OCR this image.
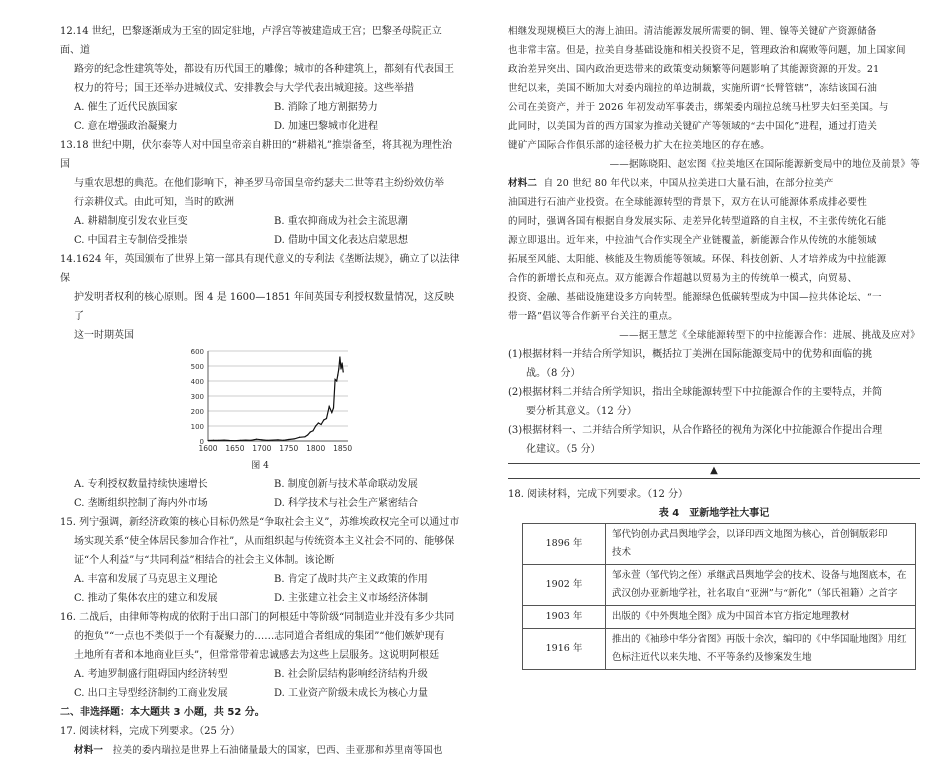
12.14 世纪，巴黎逐渐成为王室的固定驻地，卢浮宫等被建造成王宫；巴黎圣母院正立面、道

路旁的纪念性建筑等处，都设有历代国王的雕像；城市的各种建筑上，都刻有代表国王

权力的符号；国王还举办进城仪式、安排教会与大学代表出城迎接。这些举措

A. 催生了近代民族国家	B. 消除了地方割据势力
C. 意在增强政治凝聚力	D. 加速巴黎城市化进程

13.18 世纪中期，伏尔泰等人对中国皇帝亲自耕田的“耕耤礼”推崇备至，将其视为理性治国

与重农思想的典范。在他们影响下，神圣罗马帝国皇帝约瑟夫二世等君主纷纷效仿举

行亲耕仪式。由此可知，当时的欧洲

A. 耕耤制度引发农业巨变	B. 重农抑商成为社会主流思潮
C. 中国君主专制倍受推崇	D. 借助中国文化表达启蒙思想

14.1624 年，英国颁布了世界上第一部具有现代意义的专利法《垄断法规》，确立了以法律保

护发明者权利的核心原则。图 4 是 1600—1851 年间英国专利授权数量情况，这反映了

这一时期英国

0
100
200
300
400
500
600
1600 1650 1700 1750 1800 1850

图 4

A. 专利授权数量持续快速增长	B. 制度创新与技术革命联动发展
C. 垄断组织控制了海内外市场	D. 科学技术与社会生产紧密结合

15. 列宁强调，新经济政策的核心目标仍然是“争取社会主义”，苏维埃政权完全可以通过市

场实现关系“使全体居民参加合作社”，从而组织起与传统资本主义社会不同的、能够保

证“个人利益”与“共同利益”相结合的社会主义体制。该论断

A. 丰富和发展了马克思主义理论	B. 肯定了战时共产主义政策的作用
C. 推动了集体农庄的建立和发展	D. 主张建立社会主义市场经济体制

16. 二战后，由律师等构成的依附于出口部门的阿根廷中等阶级“同制造业并没有多少共同

的抱负”“一点也不类似于一个有凝聚力的……志同道合者组成的集团”“他们嫉妒现有

土地所有者和本地商业巨头”，但常常带着忠诚感去为这些上层服务。这说明阿根廷

A. 考迪罗制盛行阻碍国内经济转型	B. 社会阶层结构影响经济结构升级
C. 出口主导型经济制约工商业发展	D. 工业资产阶级未成长为核心力量

二、非选择题：本大题共 3 小题，共 52 分。

17. 阅读材料，完成下列要求。（25 分）

材料一 拉美的委内瑞拉是世界上石油储量最大的国家，巴西、圭亚那和苏里南等国也

相继发现规模巨大的海上油田。清洁能源发展所需要的铜、锂、镍等关键矿产资源储备

也非常丰富。但是，拉美自身基础设施和相关投资不足，管理政治和腐败等问题，加上国家间

政治差异突出、国内政治更迭带来的政策变动频繁等问题影响了其能源资源的开发。21

世纪以来，美国不断加大对委内瑞拉的单边制裁，实施所谓“长臂管辖”，冻结该国石油

公司在美资产，并于 2026 年初发动军事袭击，绑架委内瑞拉总统马杜罗夫妇至美国。与

此同时，以美国为首的西方国家为推动关键矿产等领域的“去中国化”进程，通过打造关

键矿产国际合作俱乐部的途径极力扩大在拉美地区的存在感。

——据陈晓阳、赵宏图《拉美地区在国际能源新变局中的地位及前景》等

材料二 自 20 世纪 80 年代以来，中国从拉美进口大量石油，在部分拉美产

油国进行石油产业投资。在全球能源转型的背景下，双方在认可能源体系成排必要性

的同时，强调各国有根据自身发展实际、走差异化转型道路的自主权，不主张传统化石能

源立即退出。近年来，中拉油气合作实现全产业链覆盖，新能源合作从传统的水能领域

拓展至风能、太阳能、核能及生物质能等领域。环保、科技创新、人才培养成为中拉能源

合作的新增长点和亮点。双方能源合作超越以贸易为主的传统单一模式，向贸易、

投资、金融、基础设施建设多方向转型。能源绿色低碳转型成为中国—拉共体论坛、“一

带一路”倡议等合作新平台关注的重点。

——据王慧芝《全球能源转型下的中拉能源合作：进展、挑战及应对》

(1)根据材料一并结合所学知识，概括拉丁美洲在国际能源变局中的优势和面临的挑

战。（8 分）

(2)根据材料二并结合所学知识，指出全球能源转型下中拉能源合作的主要特点，并简

要分析其意义。（12 分）

(3)根据材料一、二并结合所学知识，从合作路径的视角为深化中拉能源合作提出合理

化建议。（5 分）

▲

18. 阅读材料，完成下列要求。（12 分）

表 4　亚新地学社大事记

1896 年	邹代钧创办武昌舆地学会，以译印西文地图为核心，首创铜版彩印
技术

1902 年	邹永萱（邹代钧之侄）承继武昌舆地学会的技术、设备与地图底本，在
武汉创办亚新地学社，社名取自“亚洲”与“新化”（邹氏祖籍）之首字

1903 年	出版的《中外舆地全图》成为中国首本官方指定地理教材

1916 年	推出的《袖珍中华分省图》再版十余次，编印的《中华国耻地图》用红
色标注近代以来失地、不平等条约及惨案发生地
